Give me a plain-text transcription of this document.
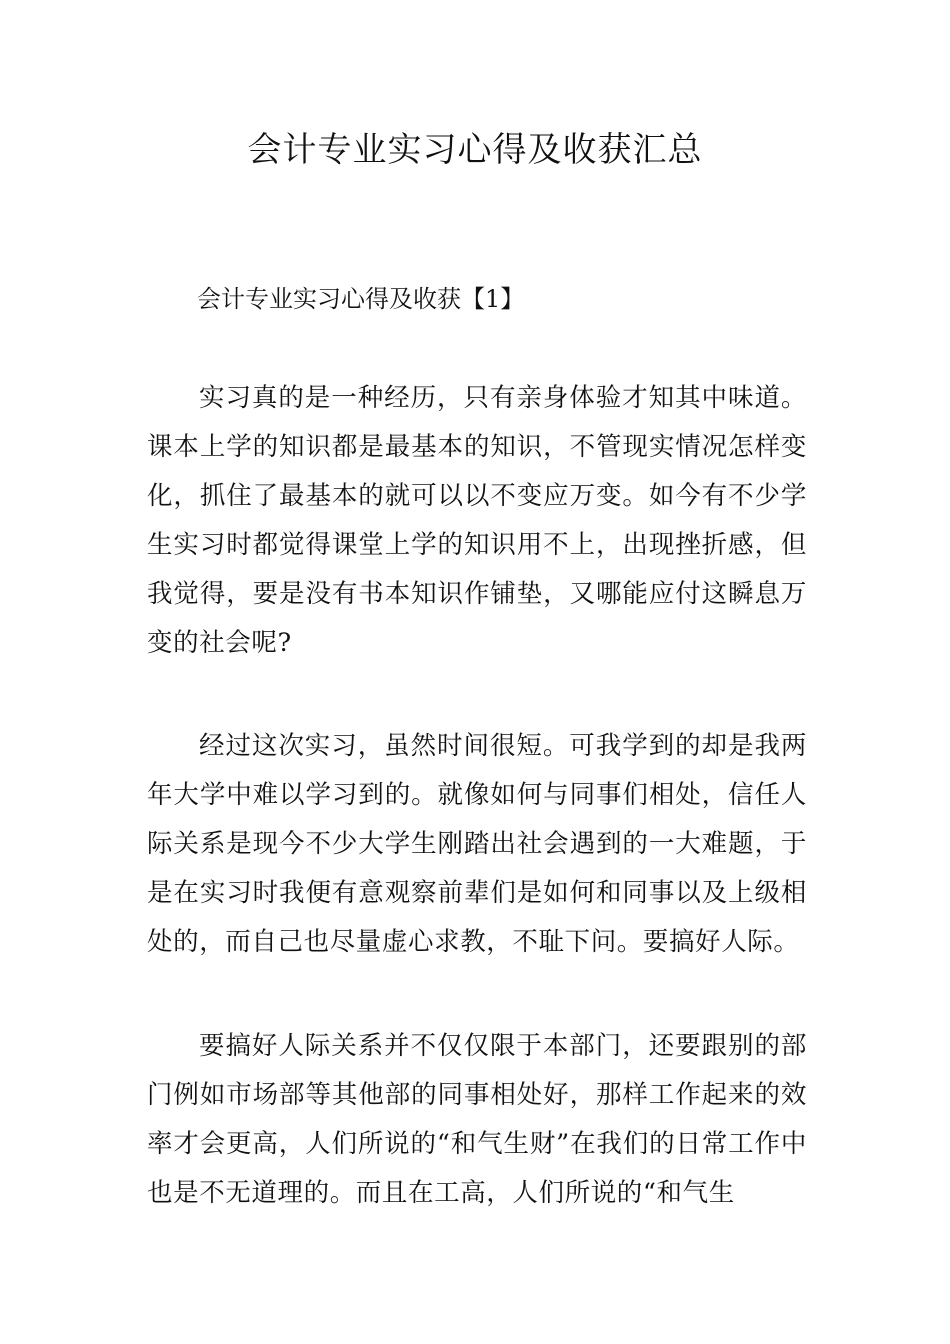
会计专业实习心得及收获汇总
会计专业实习心得及收获【1】

实习真的是一种经历，只有亲身体验才知其中味道。课本上学的知识都是最基本的知识，不管现实情况怎样变化，抓住了最基本的就可以以不变应万变。如今有不少学生实习时都觉得课堂上学的知识用不上，出现挫折感，但我觉得，要是没有书本知识作铺垫，又哪能应付这瞬息万变的社会呢?

经过这次实习，虽然时间很短。可我学到的却是我两年大学中难以学习到的。就像如何与同事们相处，信任人际关系是现今不少大学生刚踏出社会遇到的一大难题，于是在实习时我便有意观察前辈们是如何和同事以及上级相处的，而自己也尽量虚心求教，不耻下问。要搞好人际。

要搞好人际关系并不仅仅限于本部门，还要跟别的部门例如市场部等其他部的同事相处好，那样工作起来的效率才会更高，人们所说的“和气生财”在我们的日常工作中也是不无道理的。而且在工高，人们所说的“和气生
